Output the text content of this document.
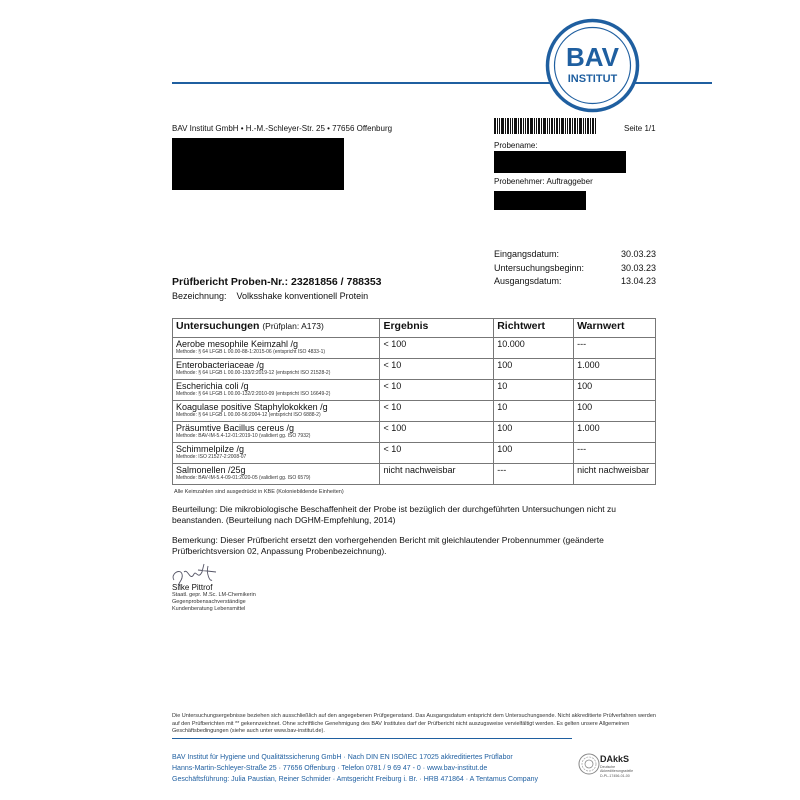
BAV
INSTITUT
BAV Institut GmbH • H.-M.-Schleyer-Str. 25 • 77656 Offenburg	Seite 1/1
Probename:
Probenehmer: Auftraggeber
Eingangsdatum:	30.03.23
Untersuchungsbeginn:	30.03.23
Ausgangsdatum:	13.04.23
Prüfbericht Proben-Nr.: 23281856 / 788353
Bezeichnung: Volksshake konventionell Protein
Untersuchungen (Prüfplan: A173)	Ergebnis	Richtwert	Warnwert

Aerobe mesophile Keimzahl /g
Methode: § 64 LFGB L 00.00-88-1:2015-06 (entspricht ISO 4833-1)	< 100	10.000	---

Enterobacteriaceae /g
Methode: § 64 LFGB L 00.00-133/2:2019-12 (entspricht ISO 21528-2)	< 10	100	1.000

Escherichia coli /g
Methode: § 64 LFGB L 00.00-132/2:2010-09 (entspricht ISO 16649-2)	< 10	10	100

Koagulase positive Staphylokokken /g
Methode: § 64 LFGB L 00.00-56:2004-12 (entspricht ISO 6888-2)	< 10	10	100

Präsumtive Bacillus cereus /g
Methode: BAV-IM-5.4-12-01:2019-10 (validiert gg. ISO 7932)	< 100	100	1.000

Schimmelpilze /g
Methode: ISO 21527-2:2008-07	< 10	100	---

Salmonellen /25g
Methode: BAV-IM-5.4-09-01:2020-05 (validiert gg. ISO 6579)	nicht nachweisbar	---	nicht nachweisbar
Alle Keimzahlen sind ausgedrückt in KBE (Koloniebildende Einheiten)
Beurteilung: Die mikrobiologische Beschaffenheit der Probe ist bezüglich der durchgeführten Untersuchungen nicht zu beanstanden. (Beurteilung nach DGHM-Empfehlung, 2014)
Bemerkung: Dieser Prüfbericht ersetzt den vorhergehenden Bericht mit gleichlautender Probennummer (geänderte Prüfberichtsversion 02, Anpassung Probenbezeichnung).
Silke Pittrof
Staatl. gepr. M.Sc. LM-Chemikerin
Gegenprobensachverständige
Kundenberatung Lebensmittel
Die Untersuchungsergebnisse beziehen sich ausschließlich auf den angegebenen Prüfgegenstand. Das Ausgangsdatum entspricht dem Untersuchungsende. Nicht akkreditierte Prüfverfahren werden auf den Prüfberichten mit ** gekennzeichnet. Ohne schriftliche Genehmigung des BAV Institutes darf der Prüfbericht nicht auszugsweise vervielfältigt werden. Es gelten unsere Allgemeinen Geschäftsbedingungen (siehe auch unter www.bav-institut.de).
BAV Institut für Hygiene und Qualitätssicherung GmbH · Nach DIN EN ISO/IEC 17025 akkreditiertes Prüflabor
Hanns-Martin-Schleyer-Straße 25 · 77656 Offenburg · Telefon 0781 / 9 69 47 - 0 · www.bav-institut.de
Geschäftsführung: Julia Paustian, Reiner Schmider · Amtsgericht Freiburg i. Br. · HRB 471864 · A Tentamus Company
DAkkS
Deutsche
Akkreditierungsstelle
D-PL-17456-01-00
